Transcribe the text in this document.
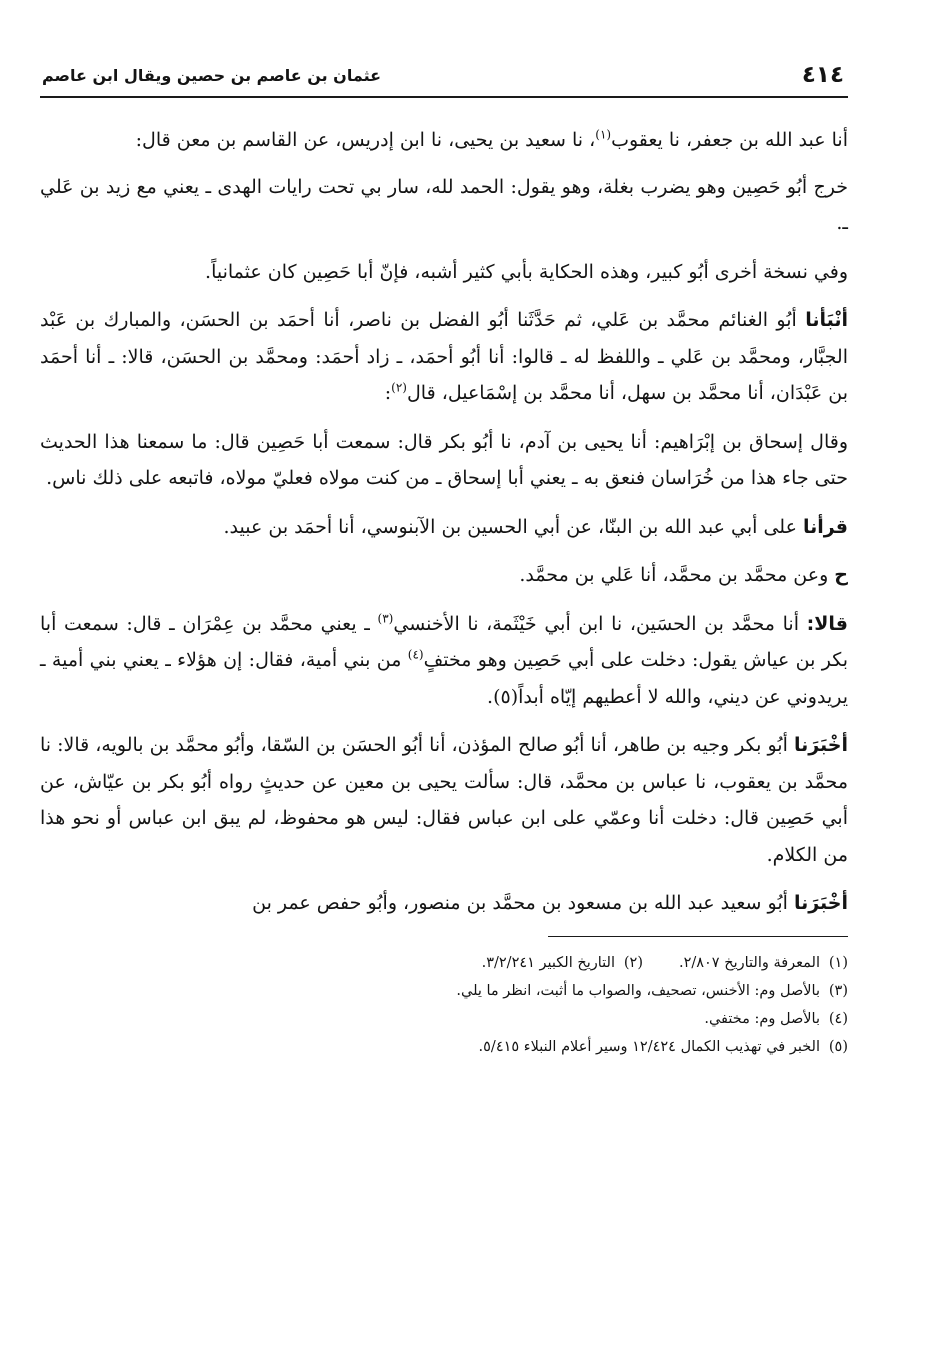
٤١٤
عثمان بن عاصم بن حصين ويقال ابن عاصم

أنا عبد الله بن جعفر، نا يعقوب$^{(١)}$، نا سعيد بن يحيى، نا ابن إدريس، عن القاسم بن معن قال:

خرج أبُو حَصِين وهو يضرب بغلة، وهو يقول: الحمد لله، سار بي تحت رايات الهدى ـ يعني مع زيد بن عَلي ـ.

وفي نسخة أخرى أبُو كبير، وهذه الحكاية بأبي كثير أشبه، فإنّ أبا حَصِين كان عثمانياً.

أنْبَأنا أبُو الغنائم محمَّد بن عَلي، ثم حَدَّثَنا أبُو الفضل بن ناصر، أنا أحمَد بن الحسَن، والمبارك بن عَبْد الجبَّار، ومحمَّد بن عَلي ـ واللفظ له ـ قالوا: أنا أبُو أحمَد، ـ زاد أحمَد: ومحمَّد بن الحسَن، قالا: ـ أنا أحمَد بن عَبْدَان، أنا محمَّد بن سهل، أنا محمَّد بن إسْمَاعيل، قال$^{(٢)}$:

وقال إسحاق بن إبْرَاهيم: أنا يحيى بن آدم، نا أبُو بكر قال: سمعت أبا حَصِين قال: ما سمعنا هذا الحديث حتى جاء هذا من خُرَاسان فنعق به ـ يعني أبا إسحاق ـ من كنت مولاه فعليّ مولاه، فاتبعه على ذلك ناس.

قرأنا على أبي عبد الله بن البنّا، عن أبي الحسين بن الآبنوسي، أنا أحمَد بن عبيد.

ح وعن محمَّد بن محمَّد، أنا عَلي بن محمَّد.

قالا: أنا محمَّد بن الحسَين، نا ابن أبي خَيْثَمة، نا الأخنسي$^{(٣)}$ ـ يعني محمَّد بن عِمْرَان ـ قال: سمعت أبا بكر بن عياش يقول: دخلت على أبي حَصِين وهو مختفٍ$^{(٤)}$ من بني أمية، فقال: إن هؤلاء ـ يعني بني أمية ـ يريدوني عن ديني، والله لا أعطيهم إيّاه أبداً(٥).

أخْبَرَنا أبُو بكر وجيه بن طاهر، أنا أبُو صالح المؤذن، أنا أبُو الحسَن بن السّقا، وأبُو محمَّد بن بالويه، قالا: نا محمَّد بن يعقوب، نا عباس بن محمَّد، قال: سألت يحيى بن معين عن حديثٍ رواه أبُو بكر بن عيّاش، عن أبي حَصِين قال: دخلت أنا وعمّي على ابن عباس فقال: ليس هو محفوظ، لم يبق ابن عباس أو نحو هذا من الكلام.

أخْبَرَنا أبُو سعيد عبد الله بن مسعود بن محمَّد بن منصور، وأبُو حفص عمر بن

(١)
المعرفة والتاريخ ٢/٨٠٧.
(٢)
التاريخ الكبير ٣/٢/٢٤١.
(٣)
بالأصل وم: الأخنس، تصحيف، والصواب ما أثبت، انظر ما يلي.
(٤)
بالأصل وم: مختفي.
(٥)
الخبر في تهذيب الكمال ١٢/٤٢٤ وسير أعلام النبلاء ٥/٤١٥.
